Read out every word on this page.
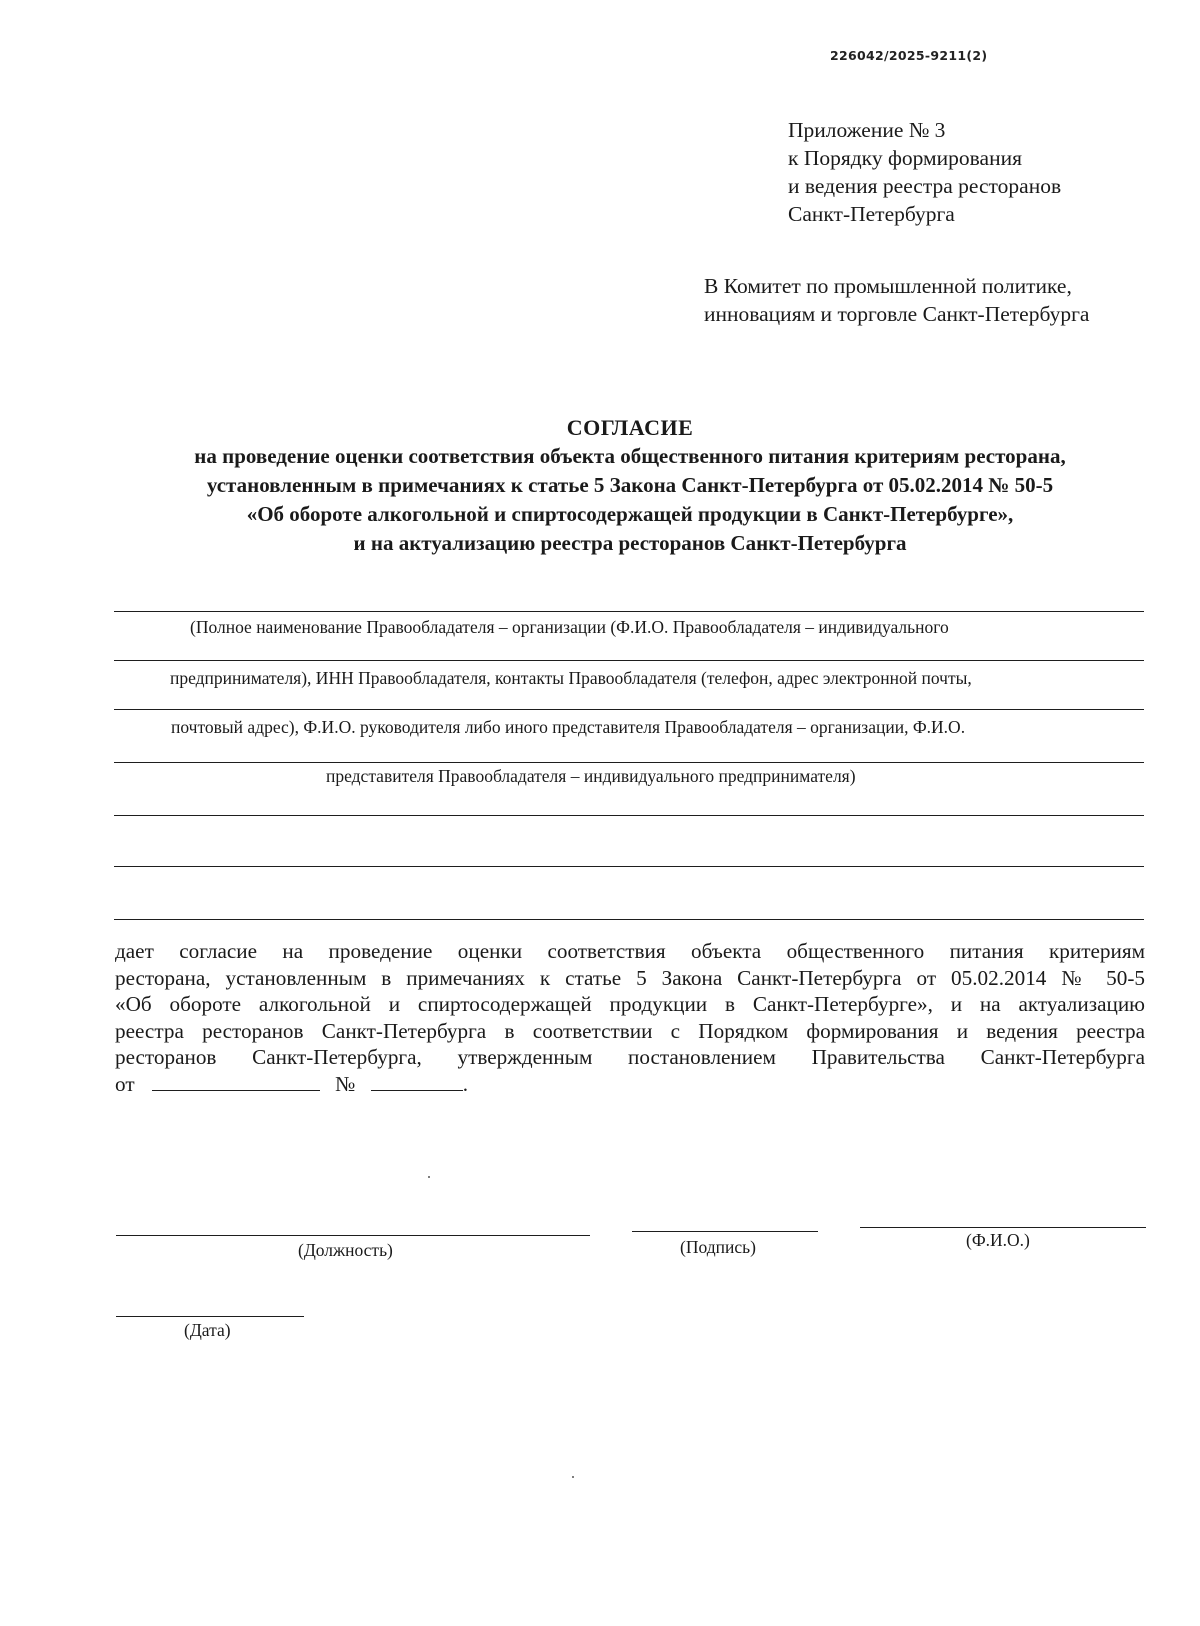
226042/2025-9211(2)
Приложение № 3
к Порядку формирования
и ведения реестра ресторанов
Санкт-Петербурга
В Комитет по промышленной политике,
инновациям и торговле Санкт-Петербурга
СОГЛАСИЕ
на проведение оценки соответствия объекта общественного питания критериям ресторана,
установленным в примечаниях к статье 5 Закона Санкт-Петербурга от 05.02.2014 № 50-5
«Об обороте алкогольной и спиртосодержащей продукции в Санкт-Петербурге»,
и на актуализацию реестра ресторанов Санкт-Петербурга
(Полное наименование Правообладателя – организации (Ф.И.О. Правообладателя – индивидуального
предпринимателя), ИНН Правообладателя, контакты Правообладателя (телефон, адрес электронной почты,
почтовый адрес), Ф.И.О. руководителя либо иного представителя Правообладателя – организации, Ф.И.О.
представителя Правообладателя – индивидуального предпринимателя)
дает согласие на проведение оценки соответствия объекта общественного питания критериям
ресторана, установленным в примечаниях к статье 5 Закона Санкт-Петербурга от 05.02.2014 № 50-5
«Об обороте алкогольной и спиртосодержащей продукции в Санкт-Петербурге», и на актуализацию
реестра ресторанов Санкт-Петербурга в соответствии с Порядком формирования и ведения реестра
ресторанов Санкт-Петербурга, утвержденным постановлением Правительства Санкт-Петербурга
от	№	.
(Должность)	(Подпись)	(Ф.И.О.)
(Дата)
